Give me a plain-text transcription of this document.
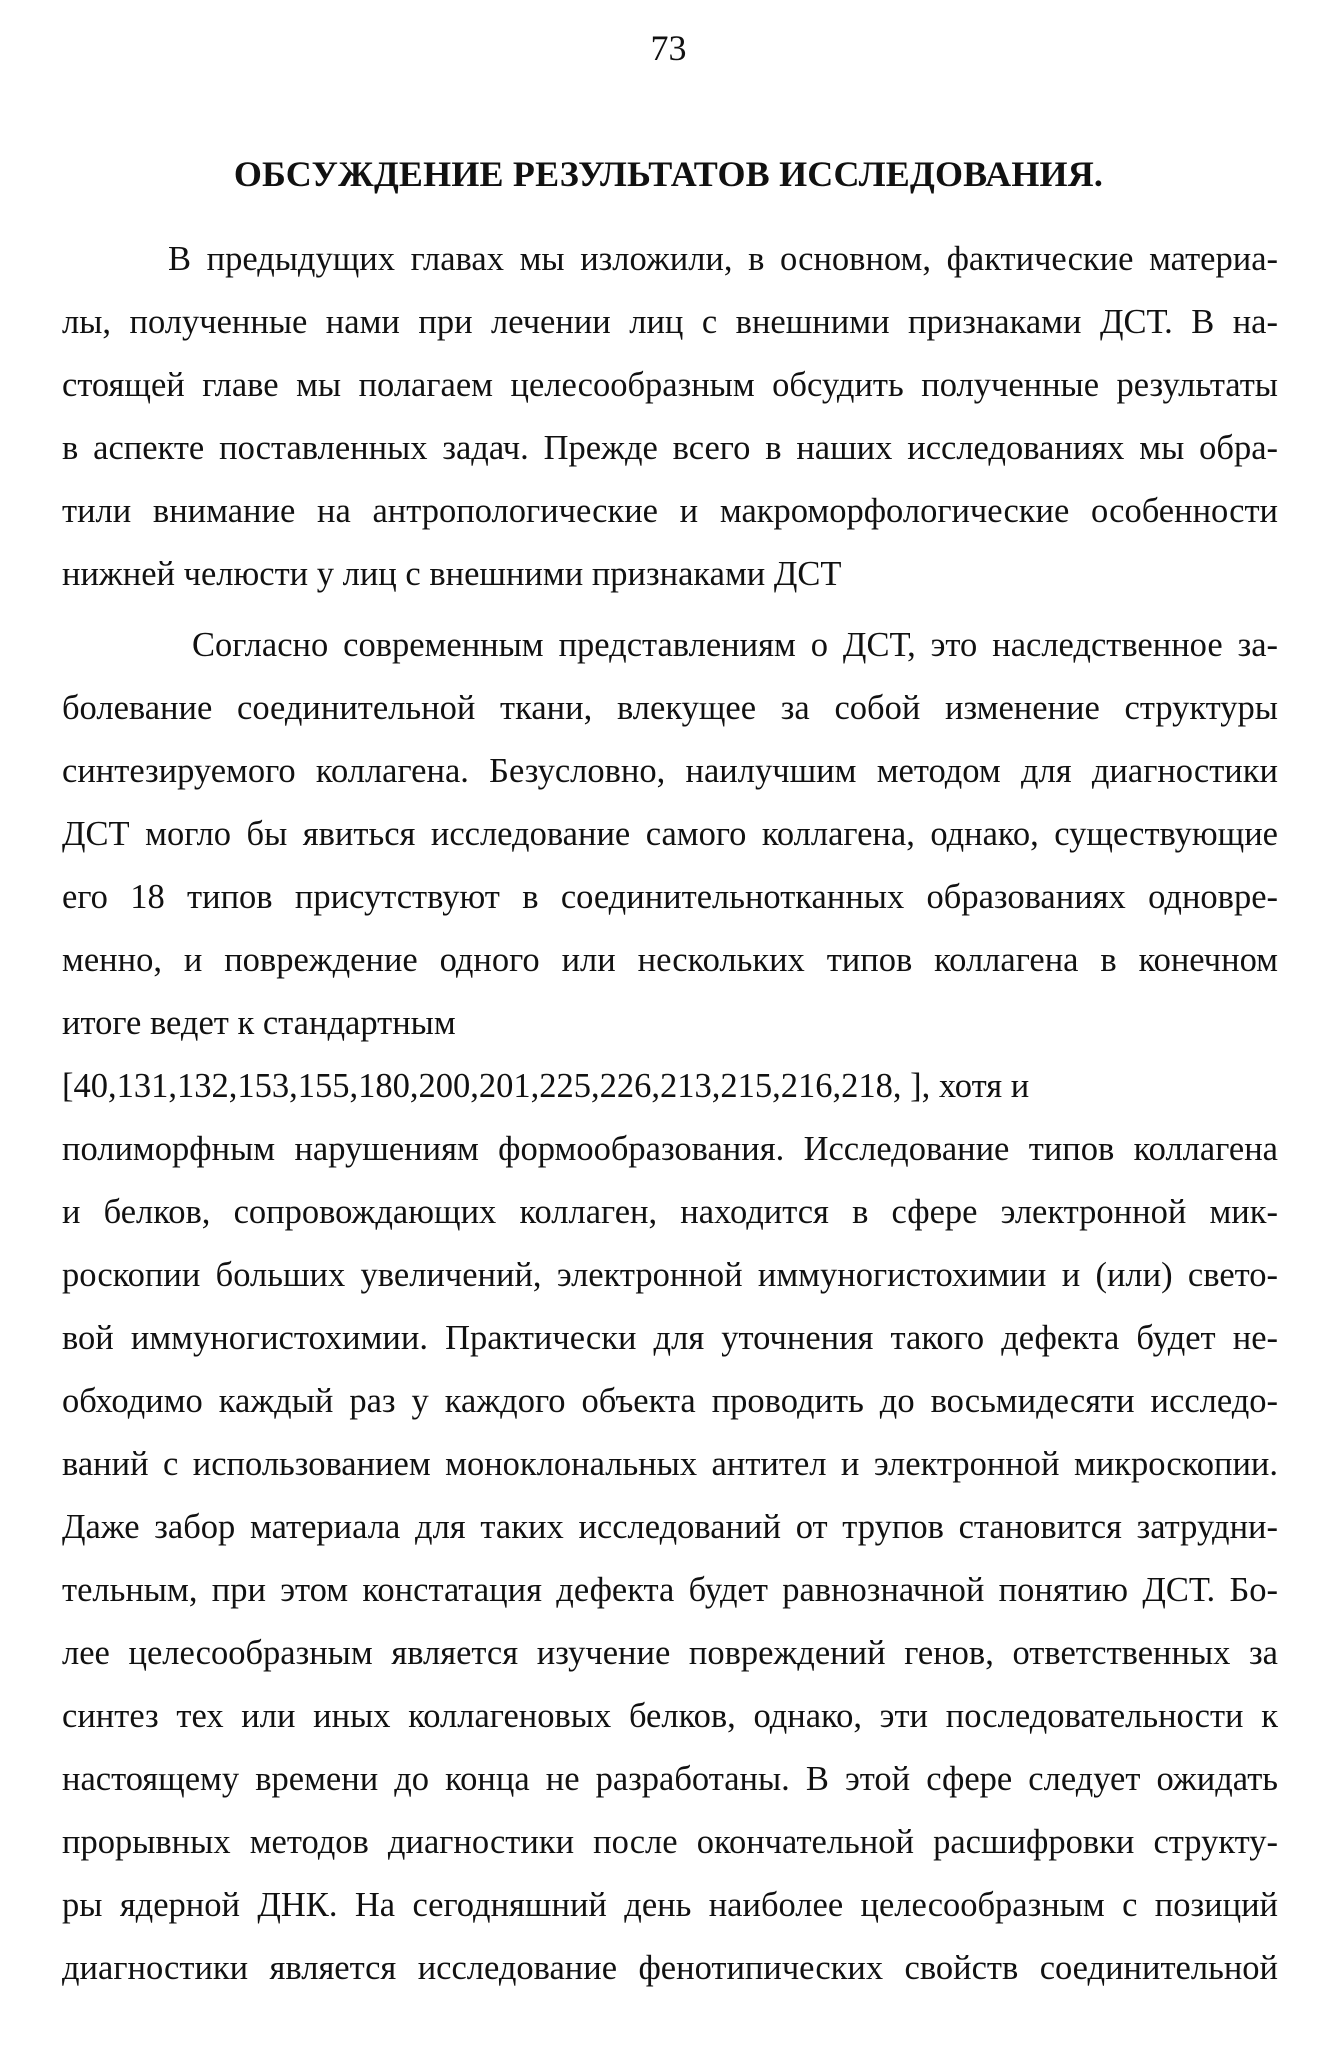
73
ОБСУЖДЕНИЕ РЕЗУЛЬТАТОВ ИССЛЕДОВАНИЯ.
В предыдущих главах мы изложили, в основном, фактические материа-
лы, полученные нами при лечении лиц с внешними признаками ДСТ. В на-
стоящей главе мы полагаем целесообразным обсудить полученные результаты
в аспекте поставленных задач. Прежде всего в наших исследованиях мы обра-
тили внимание на антропологические и макроморфологические особенности
нижней челюсти у лиц с внешними признаками ДСТ
Согласно современным представлениям о ДСТ, это наследственное за-
болевание соединительной ткани, влекущее за собой изменение структуры
синтезируемого коллагена. Безусловно, наилучшим методом для диагностики
ДСТ могло бы явиться исследование самого коллагена, однако, существующие
его 18 типов присутствуют в соединительнотканных образованиях одновре-
менно, и повреждение одного или нескольких типов коллагена в конечном
итоге ведет к стандартным
[40,131,132,153,155,180,200,201,225,226,213,215,216,218, ], хотя и
полиморфным нарушениям формообразования. Исследование типов коллагена
и белков, сопровождающих коллаген, находится в сфере электронной мик-
роскопии больших увеличений, электронной иммуногистохимии и (или) свето-
вой иммуногистохимии. Практически для уточнения такого дефекта будет не-
обходимо каждый раз у каждого объекта проводить до восьмидесяти исследо-
ваний с использованием моноклональных антител и электронной микроскопии.
Даже забор материала для таких исследований от трупов становится затрудни-
тельным, при этом констатация дефекта будет равнозначной понятию ДСТ. Бо-
лее целесообразным является изучение повреждений генов, ответственных за
синтез тех или иных коллагеновых белков, однако, эти последовательности к
настоящему времени до конца не разработаны. В этой сфере следует ожидать
прорывных методов диагностики после окончательной расшифровки структу-
ры ядерной ДНК. На сегодняшний день наиболее целесообразным с позиций
диагностики является исследование фенотипических свойств соединительной
